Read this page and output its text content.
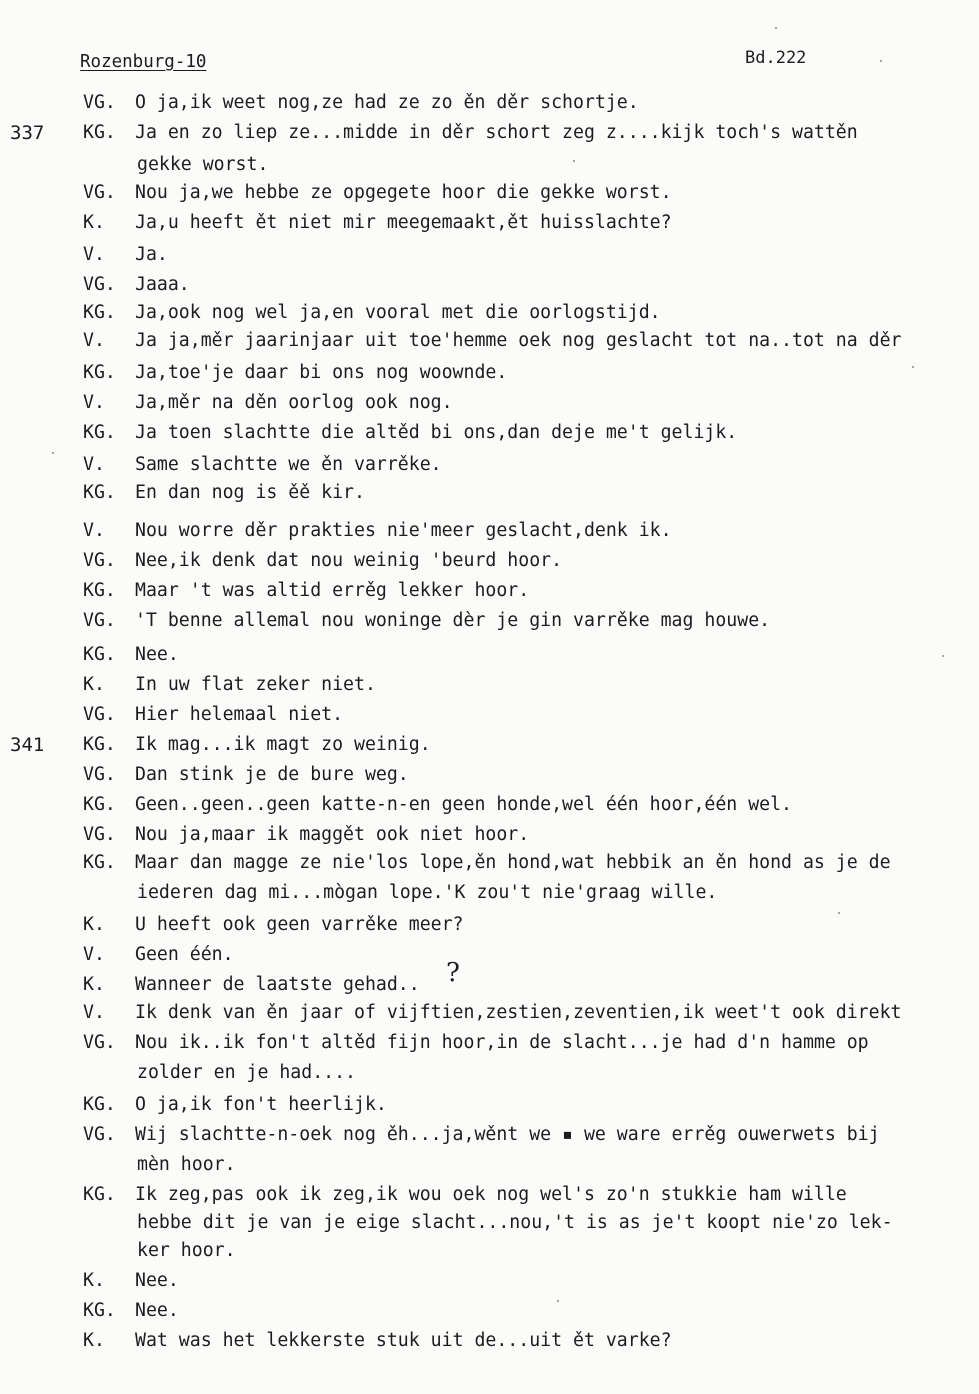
Rozenburg-10	Bd.222
VG. O ja,ik weet nog,ze had ze zo ěn děr schortje.
337 KG. Ja en zo liep ze...midde in děr schort zeg z....kijk toch's wattěn
gekke worst.
VG. Nou ja,we hebbe ze opgegete hoor die gekke worst.
K. Ja,u heeft ět niet mir meegemaakt,ět huisslachte?
V. Ja.
VG. Jaaa.
KG. Ja,ook nog wel ja,en vooral met die oorlogstijd.
V. Ja ja,měr jaarinjaar uit toe'hemme oek nog geslacht tot na..tot na děr
KG. Ja,toe'je daar bi ons nog woownde.
V. Ja,měr na děn oorlog ook nog.
KG. Ja toen slachtte die altěd bi ons,dan deje me't gelijk.
V. Same slachtte we ěn varrěke.
KG. En dan nog is ěě kir.
V. Nou worre děr prakties nie'meer geslacht,denk ik.
VG. Nee,ik denk dat nou weinig 'beurd hoor.
KG. Maar 't was altid errěg lekker hoor.
VG. 'T benne allemal nou woninge dèr je gin varrěke mag houwe.
KG. Nee.
K. In uw flat zeker niet.
VG. Hier helemaal niet.
341 KG. Ik mag...ik magt zo weinig.
VG. Dan stink je de bure weg.
KG. Geen..geen..geen katte-n-en geen honde,wel één hoor,één wel.
VG. Nou ja,maar ik maggět ook niet hoor.
KG. Maar dan magge ze nie'los lope,ěn hond,wat hebbik an ěn hond as je de
iederen dag mi...mògan lope.'K zou't nie'graag wille.
K. U heeft ook geen varrěke meer?
V. Geen één.
K. Wanneer de laatste gehad..
V. Ik denk van ěn jaar of vijftien,zestien,zeventien,ik weet't ook direkt
VG. Nou ik..ik fon't altěd fijn hoor,in de slacht...je had d'n hamme op
zolder en je had....
KG. O ja,ik fon't heerlijk.
VG. Wij slachtte-n-oek nog ěh...ja,wěnt we ▪ we ware errěg ouwerwets bij
mèn hoor.
KG. Ik zeg,pas ook ik zeg,ik wou oek nog wel's zo'n stukkie ham wille
hebbe dit je van je eige slacht...nou,'t is as je't koopt nie'zo lek-
ker hoor.
K. Nee.
KG. Nee.
K. Wat was het lekkerste stuk uit de...uit ět varke?
?
